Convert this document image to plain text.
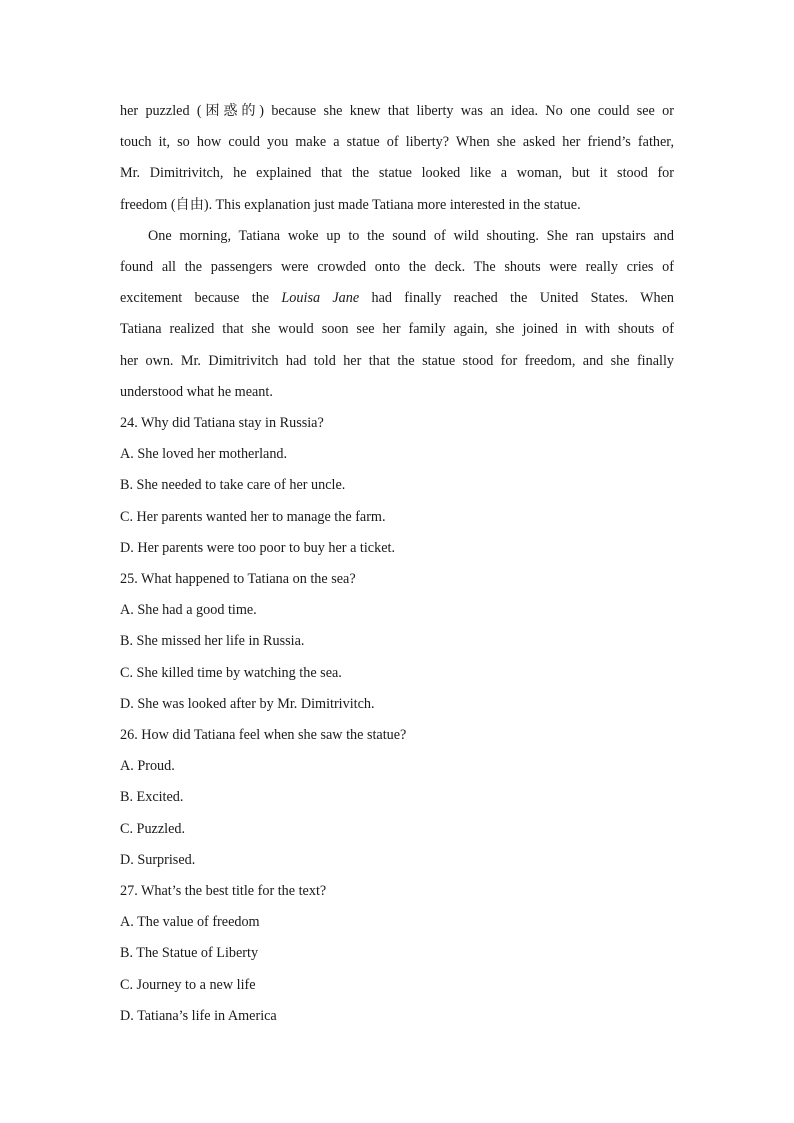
her puzzled (困惑的) because she knew that liberty was an idea. No one could see or
touch it, so how could you make a statue of liberty? When she asked her friend’s father,
Mr. Dimitrivitch, he explained that the statue looked like a woman, but it stood for
freedom (自由). This explanation just made Tatiana more interested in the statue.
One morning, Tatiana woke up to the sound of wild shouting. She ran upstairs and
found all the passengers were crowded onto the deck. The shouts were really cries of
excitement because the Louisa Jane had finally reached the United States. When
Tatiana realized that she would soon see her family again, she joined in with shouts of
her own. Mr. Dimitrivitch had told her that the statue stood for freedom, and she finally
understood what he meant.

24. Why did Tatiana stay in Russia?

A. She loved her motherland.

B. She needed to take care of her uncle.

C. Her parents wanted her to manage the farm.

D. Her parents were too poor to buy her a ticket.

25. What happened to Tatiana on the sea?

A. She had a good time.

B. She missed her life in Russia.

C. She killed time by watching the sea.

D. She was looked after by Mr. Dimitrivitch.

26. How did Tatiana feel when she saw the statue?

A. Proud.

B. Excited.

C. Puzzled.

D. Surprised.

27. What’s the best title for the text?

A. The value of freedom

B. The Statue of Liberty

C. Journey to a new life

D. Tatiana’s life in America
